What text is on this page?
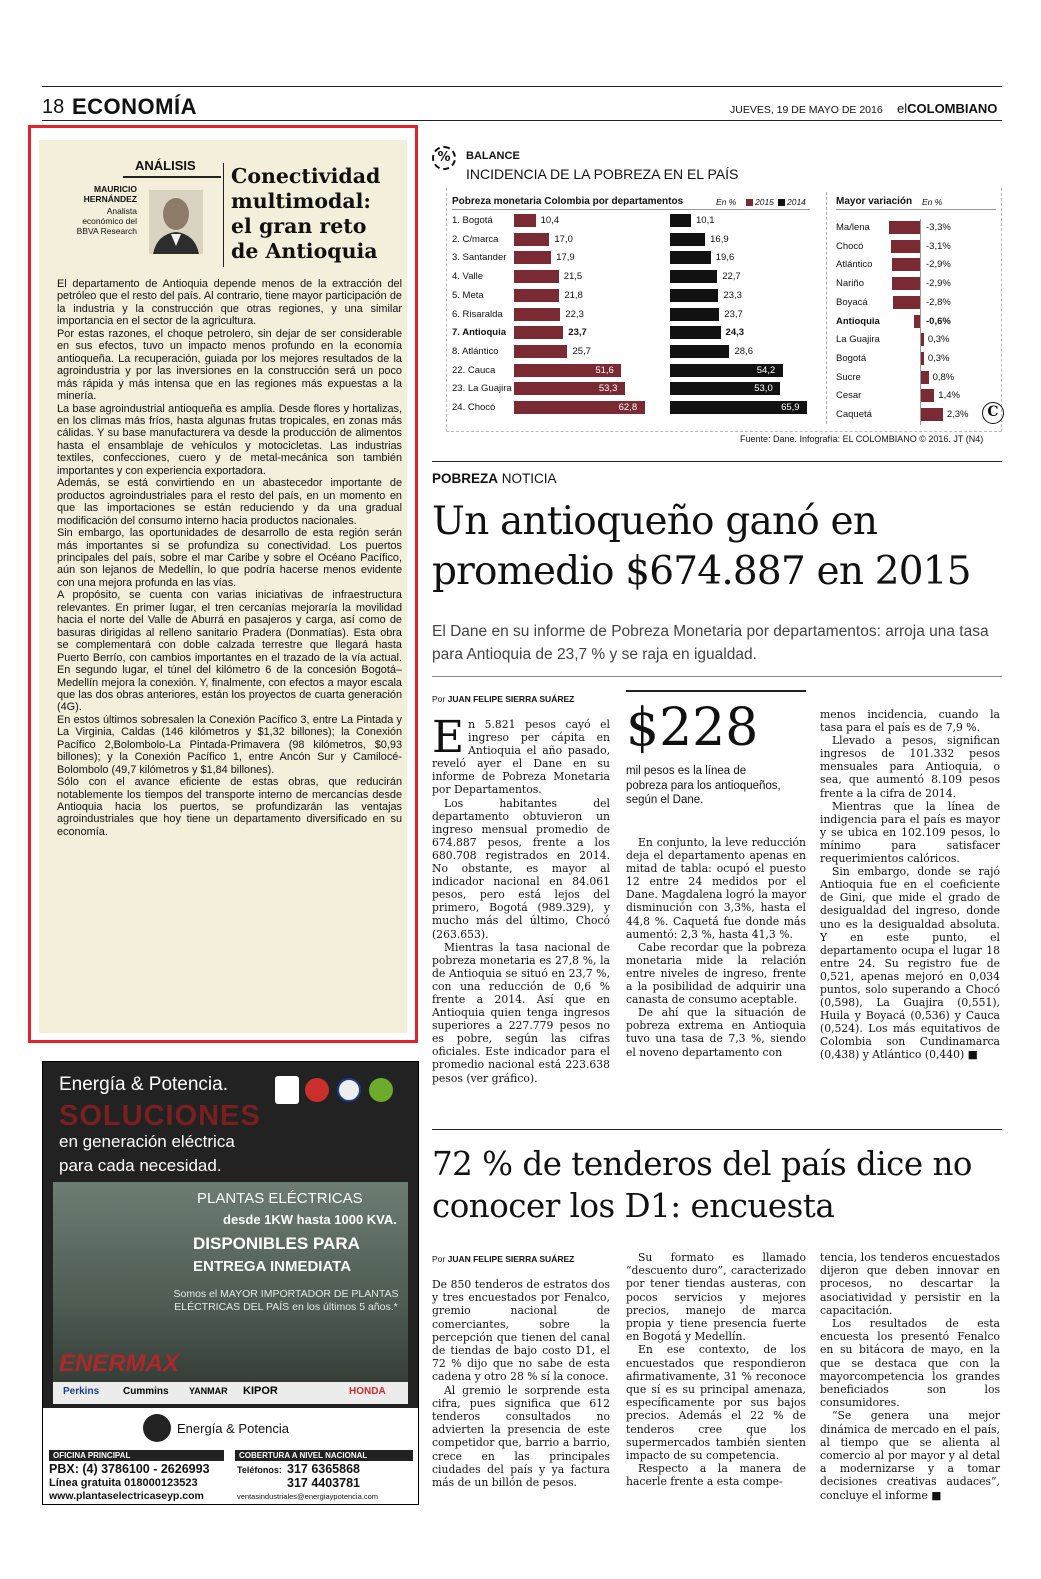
18 ECONOMÍA	JUEVES, 19 DE MAYO DE 2016 elCOLOMBIANO
ANÁLISIS
MAURICIO HERNÁNDEZ
Analista económico del BBVA Research
Conectividad multimodal: el gran reto de Antioquia

El departamento de Antioquia depende menos de la extracción del petróleo que el resto del país. Al contrario, tiene mayor participación de la industria y la construcción que otras regiones, y una similar importancia en el sector de la agricultura.

Por estas razones, el choque petrolero, sin dejar de ser considerable en sus efectos, tuvo un impacto menos profundo en la economía antioqueña. La recuperación, guiada por los mejores resultados de la agroindustria y por las inversiones en la construcción será un poco más rápida y más intensa que en las regiones más expuestas a la minería.

La base agroindustrial antioqueña es amplia. Desde flores y hortalizas, en los climas más fríos, hasta algunas frutas tropicales, en zonas más cálidas. Y su base manufacturera va desde la producción de alimentos hasta el ensamblaje de vehículos y motocicletas. Las industrias textiles, confecciones, cuero y de metal-mecánica son también importantes y con experiencia exportadora.

Además, se está convirtiendo en un abastecedor importante de productos agroindustriales para el resto del país, en un momento en que las importaciones se están reduciendo y da una gradual modificación del consumo interno hacia productos nacionales.

Sin embargo, las oportunidades de desarrollo de esta región serán más importantes si se profundiza su conectividad. Los puertos principales del país, sobre el mar Caribe y sobre el Océano Pacífico, aún son lejanos de Medellín, lo que podría hacerse menos evidente con una mejora profunda en las vías.

A propósito, se cuenta con varias iniciativas de infraestructura relevantes. En primer lugar, el tren cercanías mejoraría la movilidad hacia el norte del Valle de Aburrá en pasajeros y carga, así como de basuras dirigidas al relleno sanitario Pradera (Donmatías). Esta obra se complementará con doble calzada terrestre que llegará hasta Puerto Berrío, con cambios importantes en el trazado de la vía actual. En segundo lugar, el túnel del kilómetro 6 de la concesión Bogotá–Medellín mejora la conexión. Y, finalmente, con efectos a mayor escala que las dos obras anteriores, están los proyectos de cuarta generación (4G).

En estos últimos sobresalen la Conexión Pacífico 3, entre La Pintada y La Virginia, Caldas (146 kilómetros y $1,32 billones); la Conexión Pacífico 2,Bolombolo-La Pintada-Primavera (98 kilómetros, $0,93 billones); y la Conexión Pacífico 1, entre Ancón Sur y Camilocé-Bolombolo (49,7 kilómetros y $1,84 billones).

Sólo con el avance eficiente de estas obras, que reducirán notablemente los tiempos del transporte interno de mercancías desde Antioquia hacia los puertos, se profundizarán las ventajas agroindustriales que hoy tiene un departamento diversificado en su economía.

Energía & Potencia.
SOLUCIONES
en generación eléctrica
para cada necesidad.
PLANTAS ELÉCTRICAS
desde 1KW hasta 1000 KVA.
DISPONIBLES PARA
ENTREGA INMEDIATA
Somos el MAYOR IMPORTADOR DE PLANTAS ELÉCTRICAS DEL PAÍS en los últimos 5 años.*
ENERMAX
Perkins Cummins YANMAR KIPOR	HONDA
Energía & Potencia
OFICINA PRINCIPAL
PBX: (4) 3786100 - 2626993
Línea gratuita 018000123523
www.plantaselectricaseyp.com
COBERTURA A NIVEL NACIONAL
Teléfonos: 317 6365868
317 4403781
ventasindustriales@energiaypotencia.com
%	BALANCE
INCIDENCIA DE LA POBREZA EN EL PAÍS
Pobreza monetaria Colombia por departamentos	En % 2015 2014	Mayor variación En %
1. Bogotá	10,4	10,1
2. C/marca	17,0	16,9
3. Santander	17,9	19,6
4. Valle	21,5	22,7
5. Meta	21,8	23,3
6. Risaralda	22,3	23,7
7. Antioquia	23,7	24,3
8. Atlántico	25,7	28,6
22. Cauca	51,6	54,2
23. La Guajira	53,3	53,0
24. Chocó	62,8	65,9
Ma/lena	-3,3%
Chocó	-3,1%
Atlántico	-2,9%
Nariño	-2,9%
Boyacá	-2,8%
Antioquia	-0,6%
La Guajira	0,3%
Bogotá	0,3%
Sucre	0,8%
Cesar	1,4%
Caquetá	2,3%	C
Fuente: Dane. Infografía: EL COLOMBIANO © 2016. JT (N4)
POBREZA NOTICIA
Un antioqueño ganó en promedio $674.887 en 2015
El Dane en su informe de Pobreza Monetaria por departamentos: arroja una tasa para Antioquia de 23,7 % y se raja en igualdad.
Por JUAN FELIPE SIERRA SUÁREZ
E n 5.821 pesos cayó el ingreso per cápita en Antioquia el año pasado, reveló ayer el Dane en su informe de Pobreza Monetaria por Departamentos.

Los habitantes del departamento obtuvieron un ingreso mensual promedio de 674.887 pesos, frente a los 680.708 registrados en 2014. No obstante, es mayor al indicador nacional en 84.061 pesos, pero está lejos del primero, Bogotá (989.329), y mucho más del último, Chocó (263.653).

Mientras la tasa nacional de pobreza monetaria es 27,8 %, la de Antioquia se situó en 23,7 %, con una reducción de 0,6 % frente a 2014. Así que en Antioquia quien tenga ingresos superiores a 227.779 pesos no es pobre, según las cifras oficiales. Este indicador para el promedio nacional está 223.638 pesos (ver gráfico).

$228
mil pesos es la línea de pobreza para los antioqueños, según el Dane.

En conjunto, la leve reducción deja el departamento apenas en mitad de tabla: ocupó el puesto 12 entre 24 medidos por el Dane. Magdalena logró la mayor disminución con 3,3%, hasta el 44,8 %. Caquetá fue donde más aumentó: 2,3 %, hasta 41,3 %.

Cabe recordar que la pobreza monetaria mide la relación entre niveles de ingreso, frente a la posibilidad de adquirir una canasta de consumo aceptable.

De ahí que la situación de pobreza extrema en Antioquia tuvo una tasa de 7,3 %, siendo el noveno departamento con

menos incidencia, cuando la tasa para el país es de 7,9 %.

Llevado a pesos, significan ingresos de 101.332 pesos mensuales para Antioquia, o sea, que aumentó 8.109 pesos frente a la cifra de 2014.

Mientras que la línea de indigencia para el país es mayor y se ubica en 102.109 pesos, lo mínimo para satisfacer requerimientos calóricos.

Sin embargo, donde se rajó Antioquia fue en el coeficiente de Gini, que mide el grado de desigualdad del ingreso, donde uno es la desigualdad absoluta. Y en este punto, el departamento ocupa el lugar 18 entre 24. Su registro fue de 0,521, apenas mejoró en 0,034 puntos, solo superando a Chocó (0,598), La Guajira (0,551), Huila y Boyacá (0,536) y Cauca (0,524). Los más equitativos de Colombia son Cundinamarca (0,438) y Atlántico (0,440) ■

72 % de tenderos del país dice no conocer los D1: encuesta
Por JUAN FELIPE SIERRA SUÁREZ

De 850 tenderos de estratos dos y tres encuestados por Fenalco, gremio nacional de comerciantes, sobre la percepción que tienen del canal de tiendas de bajo costo D1, el 72 % dijo que no sabe de esta cadena y otro 28 % sí la conoce.

Al gremio le sorprende esta cifra, pues significa que 612 tenderos consultados no advierten la presencia de este competidor que, barrio a barrio, crece en las principales ciudades del país y ya factura más de un billón de pesos.

Su formato es llamado “descuento duro”, caracterizado por tener tiendas austeras, con pocos servicios y mejores precios, manejo de marca propia y tiene presencia fuerte en Bogotá y Medellín.

En ese contexto, de los encuestados que respondieron afirmativamente, 31 % reconoce que sí es su principal amenaza, específicamente por sus bajos precios. Además el 22 % de tenderos cree que los supermercados también sienten impacto de su competencia.

Respecto a la manera de hacerle frente a esta compe-

tencia, los tenderos encuestados dijeron que deben innovar en procesos, no descartar la asociatividad y persistir en la capacitación.

Los resultados de esta encuesta los presentó Fenalco en su bitácora de mayo, en la que se destaca que con la mayorcompetencia los grandes beneficiados son los consumidores.

“Se genera una mejor dinámica de mercado en el país, al tiempo que se alienta al comercio al por mayor y al detal a modernizarse y a tomar decisiones creativas audaces”, concluye el informe ■
